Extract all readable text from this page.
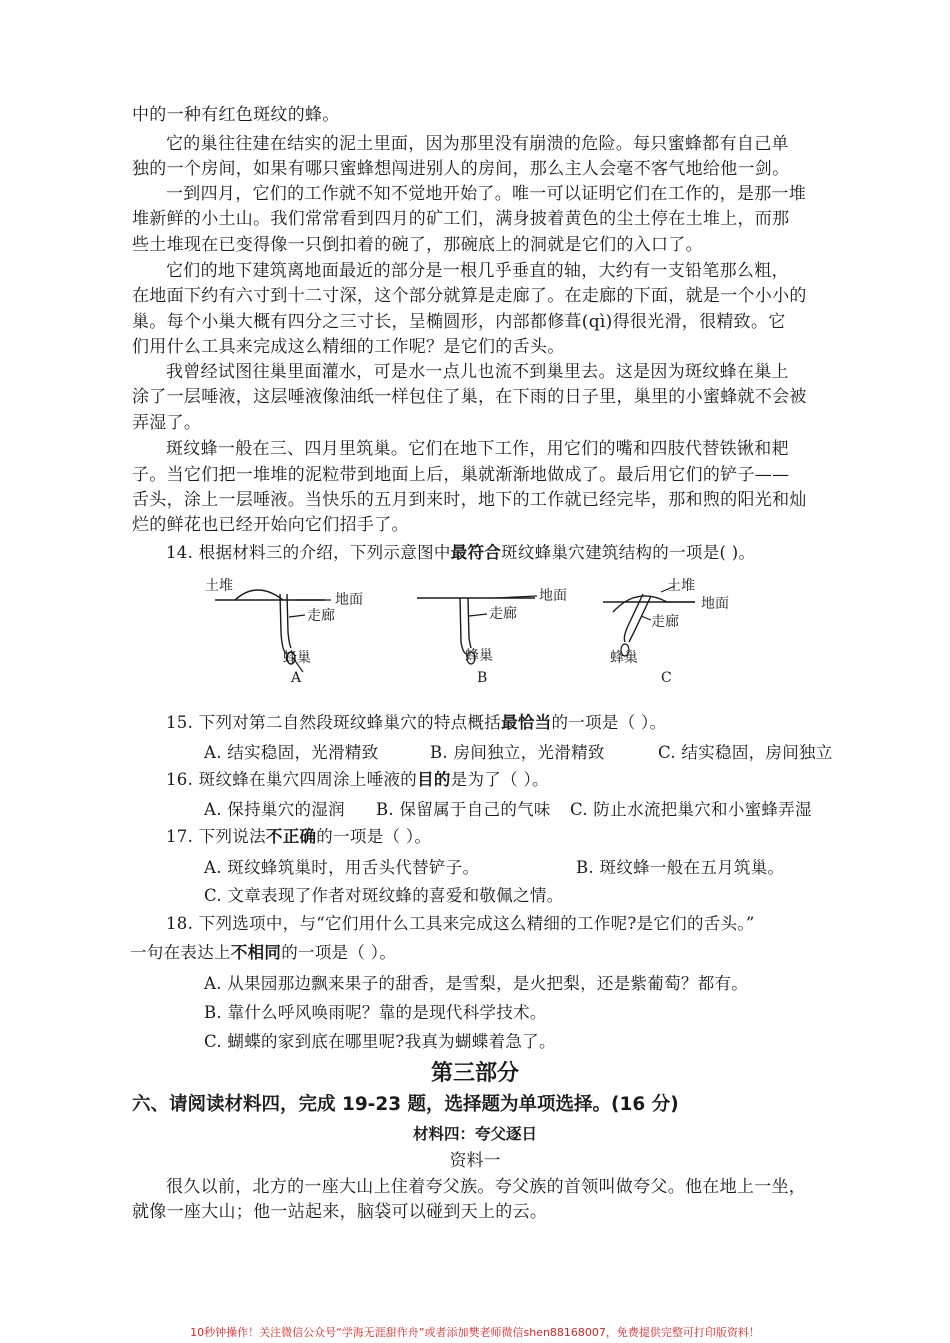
中的一种有红色斑纹的蜂。
它的巢往往建在结实的泥土里面，因为那里没有崩溃的危险。每只蜜蜂都有自己单
独的一个房间，如果有哪只蜜蜂想闯进别人的房间，那么主人会毫不客气地给他一剑。
一到四月，它们的工作就不知不觉地开始了。唯一可以证明它们在工作的，是那一堆
堆新鲜的小土山。我们常常看到四月的矿工们，满身披着黄色的尘土停在土堆上，而那
些土堆现在已变得像一只倒扣着的碗了，那碗底上的洞就是它们的入口了。
它们的地下建筑离地面最近的部分是一根几乎垂直的轴，大约有一支铅笔那么粗，
在地面下约有六寸到十二寸深，这个部分就算是走廊了。在走廊的下面，就是一个小小的
巢。每个小巢大概有四分之三寸长，呈椭圆形，内部都修葺(qì)得很光滑，很精致。它
们用什么工具来完成这么精细的工作呢？是它们的舌头。
我曾经试图往巢里面灌水，可是水一点儿也流不到巢里去。这是因为斑纹蜂在巢上
涂了一层唾液，这层唾液像油纸一样包住了巢，在下雨的日子里，巢里的小蜜蜂就不会被
弄湿了。
斑纹蜂一般在三、四月里筑巢。它们在地下工作，用它们的嘴和四肢代替铁锹和耙
子。当它们把一堆堆的泥粒带到地面上后，巢就渐渐地做成了。最后用它们的铲子——
舌头，涂上一层唾液。当快乐的五月到来时，地下的工作就已经完毕，那和煦的阳光和灿
烂的鲜花也已经开始向它们招手了。
14. 根据材料三的介绍，下列示意图中最符合斑纹蜂巢穴建筑结构的一项是( )。
土堆
地面
走廊
蜂巢
A
地面
走廊
蜂巢
B
土堆
地面
走廊
蜂巢
C
15. 下列对第二自然段斑纹蜂巢穴的特点概括最恰当的一项是（ ）。
A. 结实稳固，光滑精致	B. 房间独立，光滑精致	C. 结实稳固，房间独立
16. 斑纹蜂在巢穴四周涂上唾液的目的是为了（ ）。
A. 保持巢穴的湿润 B. 保留属于自己的气味 C. 防止水流把巢穴和小蜜蜂弄湿
17. 下列说法不正确的一项是（ ）。
A. 斑纹蜂筑巢时，用舌头代替铲子。	B. 斑纹蜂一般在五月筑巢。
C. 文章表现了作者对斑纹蜂的喜爱和敬佩之情。
18. 下列选项中，与“它们用什么工具来完成这么精细的工作呢?是它们的舌头。”
一句在表达上不相同的一项是（ ）。
A. 从果园那边飘来果子的甜香，是雪梨，是火把梨，还是紫葡萄？都有。
B. 靠什么呼风唤雨呢？靠的是现代科学技术。
C. 蝴蝶的家到底在哪里呢?我真为蝴蝶着急了。
第三部分
六、请阅读材料四，完成 19-23 题，选择题为单项选择。(16 分)
材料四：夸父逐日
资料一
很久以前，北方的一座大山上住着夸父族。夸父族的首领叫做夸父。他在地上一坐，
就像一座大山；他一站起来，脑袋可以碰到天上的云。
10秒钟操作！关注微信公众号“学海无涯甜作舟”或者添加樊老师微信shen88168007，免费提供完整可打印版资料！
